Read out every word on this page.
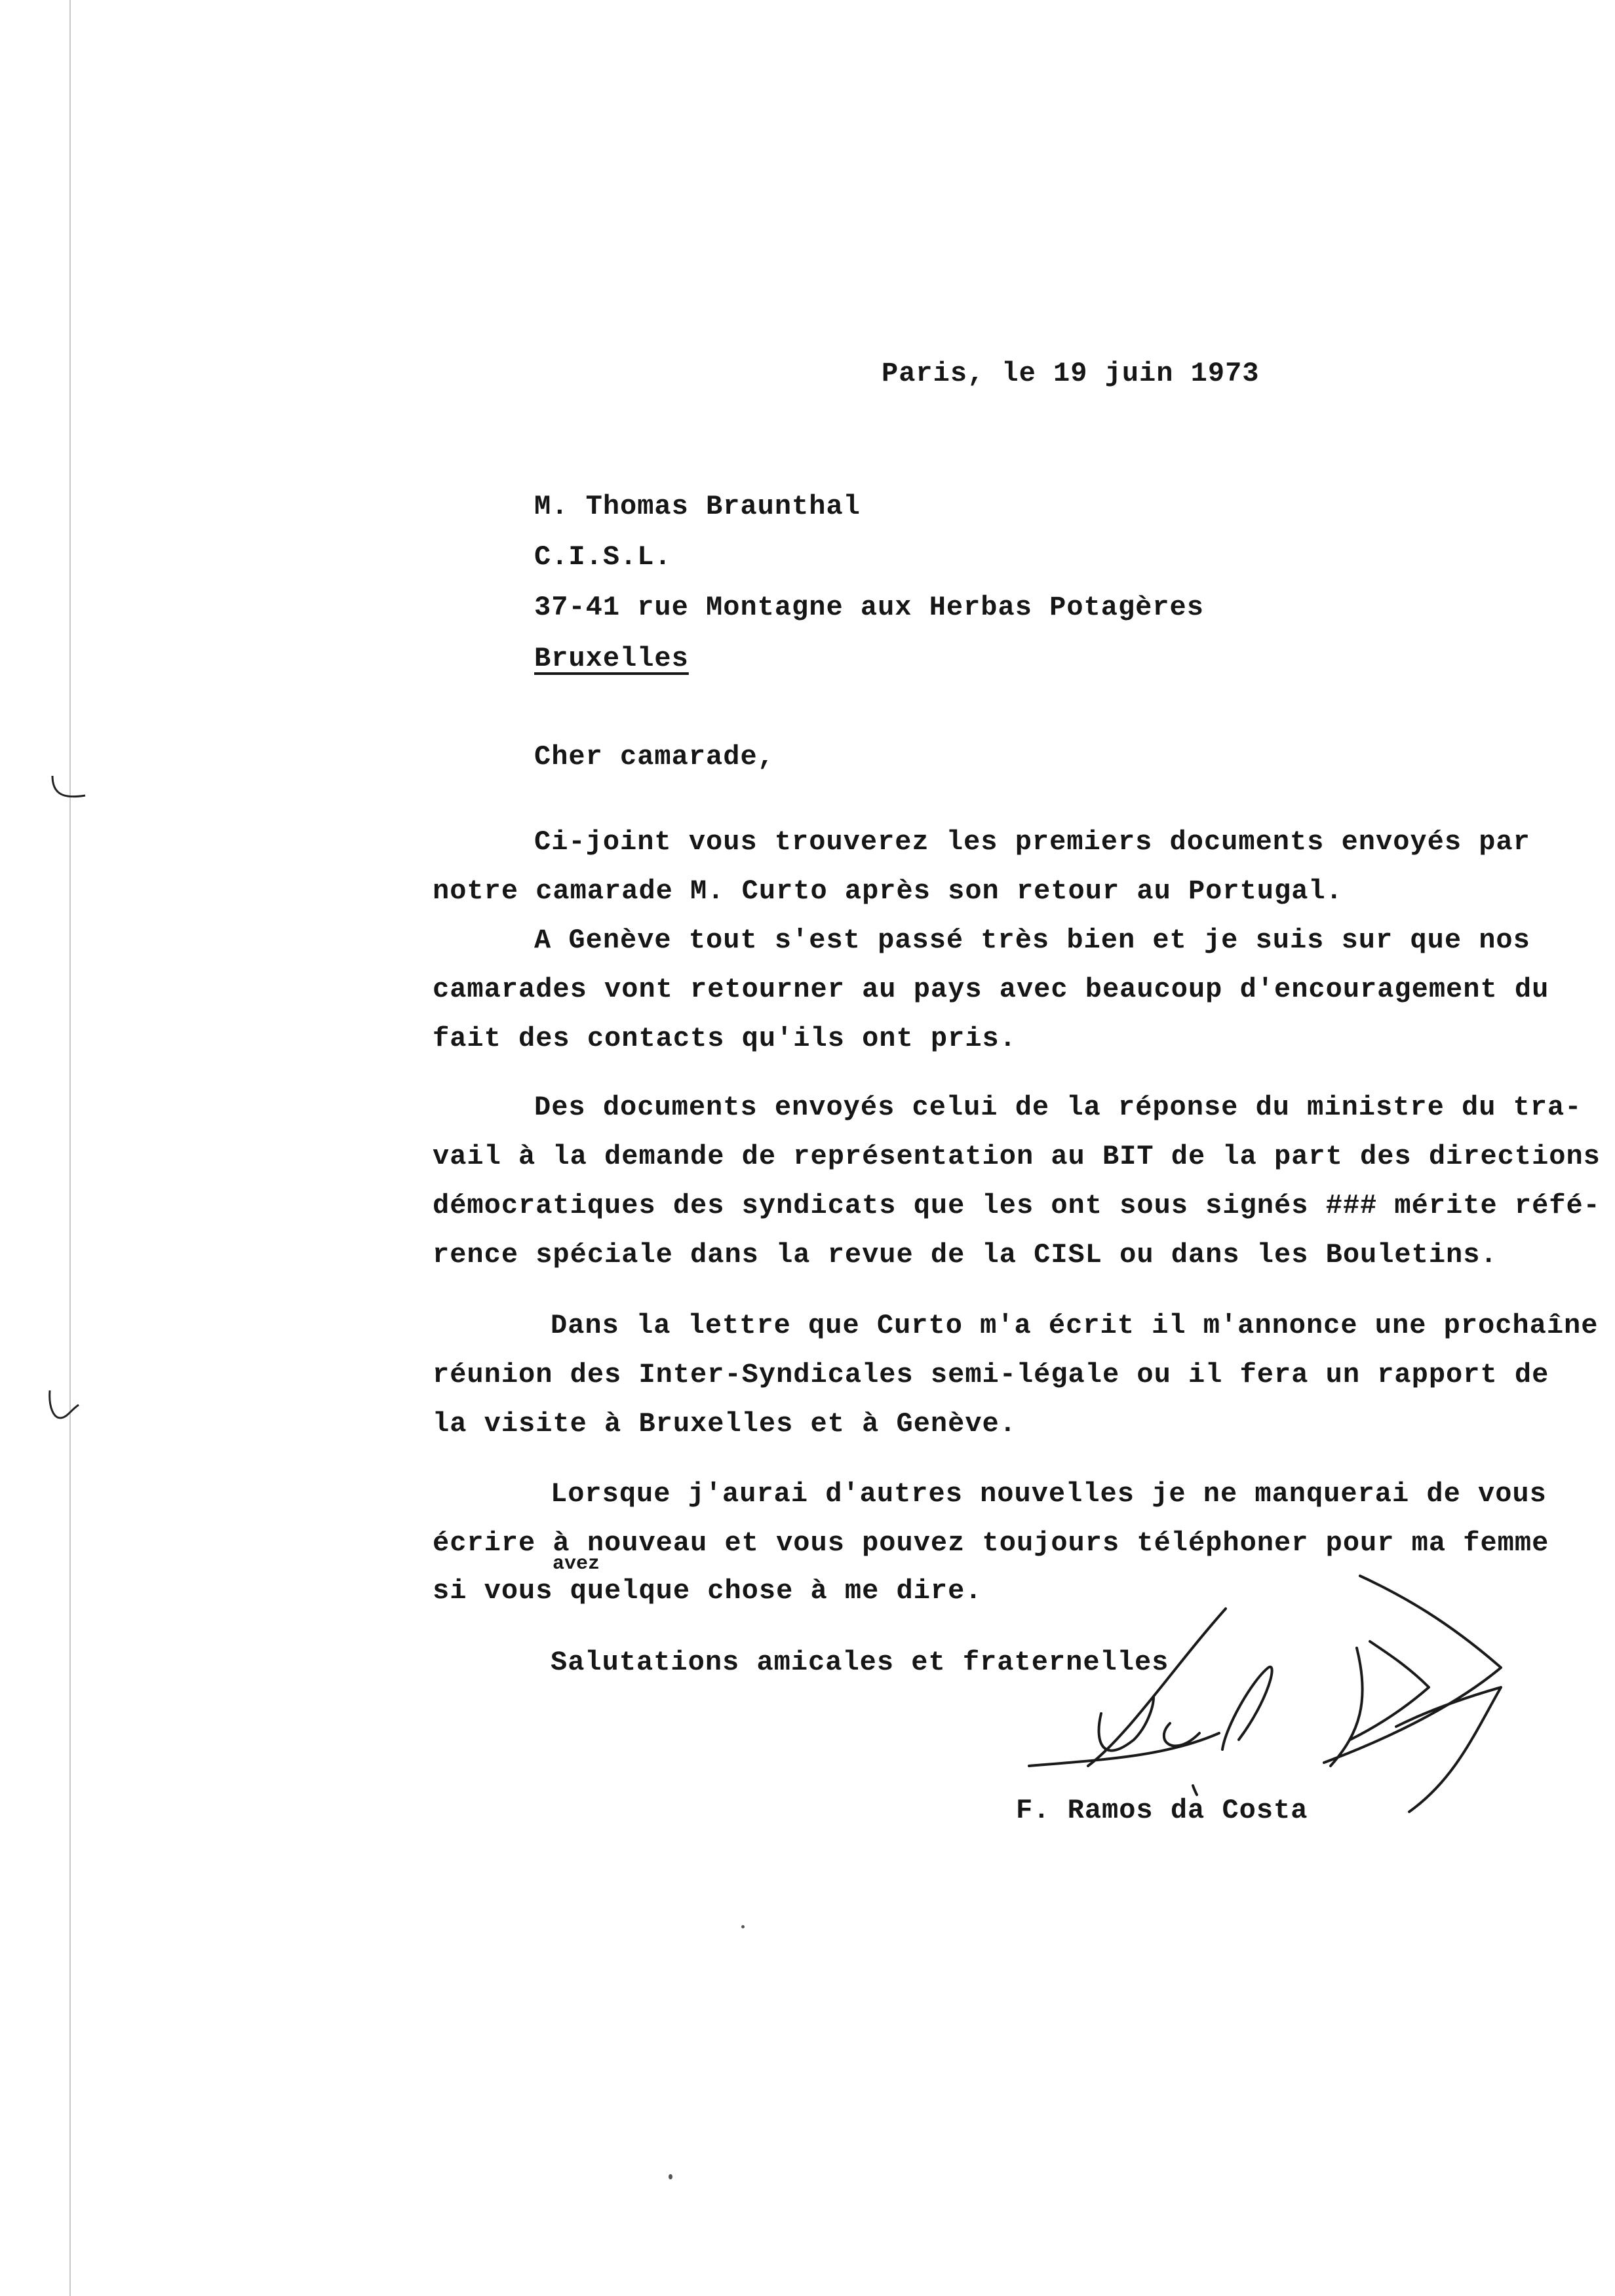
Paris, le 19 juin 1973

M. Thomas Braunthal

C.I.S.L.

37-41 rue Montagne aux Herbas Potagères

Bruxelles

Cher camarade,

Ci-joint vous trouverez les premiers documents envoyés par

notre camarade M. Curto après son retour au Portugal.

A Genève tout s'est passé très bien et je suis sur que nos

camarades vont retourner au pays avec beaucoup d'encouragement du

fait des contacts qu'ils ont pris.

Des documents envoyés celui de la réponse du ministre du tra-

vail à la demande de représentation au BIT de la part des directions

démocratiques des syndicats que les ont sous signés ### mérite réfé-

rence spéciale dans la revue de la CISL ou dans les Bouletins.

Dans la lettre que Curto m'a écrit il m'annonce une prochaîne

réunion des Inter-Syndicales semi-légale ou il fera un rapport de

la visite à Bruxelles et à Genève.

Lorsque j'aurai d'autres nouvelles je ne manquerai de vous

écrire à nouveau et vous pouvez toujours téléphoner pour ma femme

avez

si vous quelque chose à me dire.

Salutations amicales et fraternelles

F. Ramos da Costa
